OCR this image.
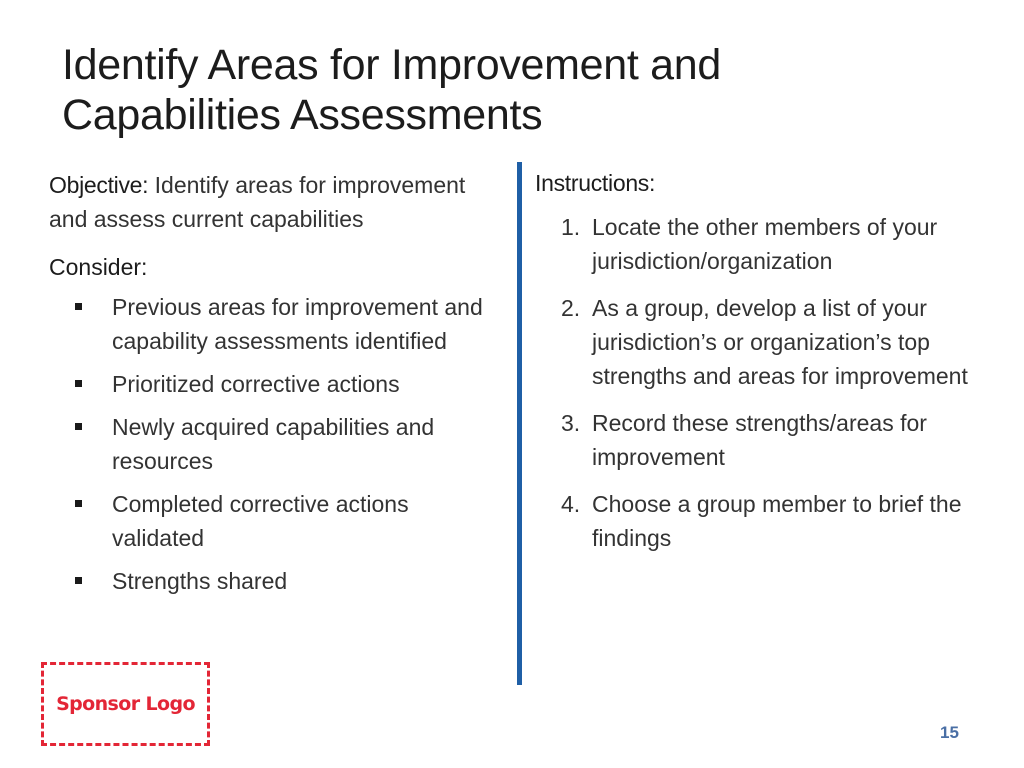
Identify Areas for Improvement and
Capabilities Assessments

Objective: Identify areas for improvement and assess current capabilities

Consider:
Previous areas for improvement and capability assessments identified
Prioritized corrective actions
Newly acquired capabilities and resources
Completed corrective actions validated
Strengths shared

Instructions:

1. Locate the other members of your jurisdiction/organization
2. As a group, develop a list of your jurisdiction’s or organization’s top strengths and areas for improvement
3. Record these strengths/areas for improvement
4. Choose a group member to brief the findings
Sponsor Logo
15
